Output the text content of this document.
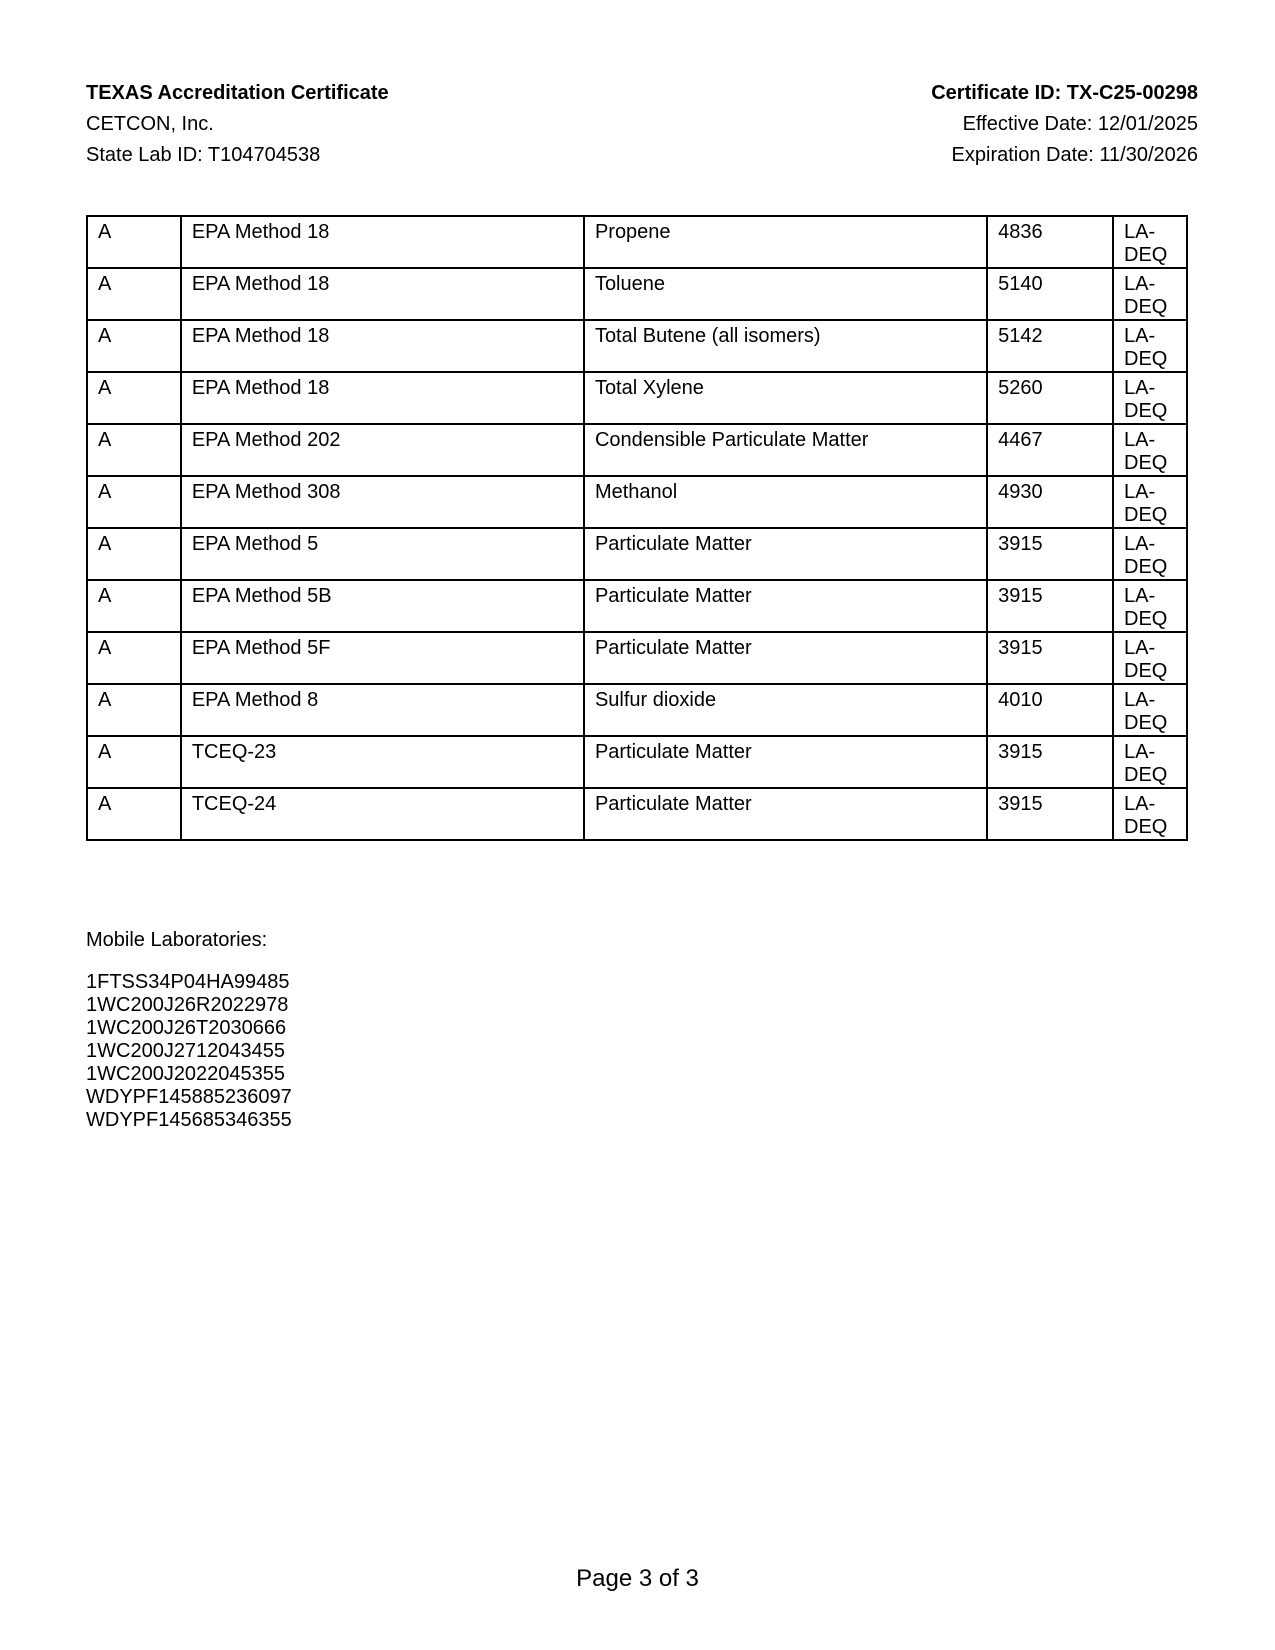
TEXAS Accreditation Certificate
CETCON, Inc.
State Lab ID: T104704538
Certificate ID: TX-C25-00298
Effective Date: 12/01/2025
Expiration Date: 11/30/2026
A	EPA Method 18	Propene	4836	LA-DEQ
A	EPA Method 18	Toluene	5140	LA-DEQ
A	EPA Method 18	Total Butene (all isomers)	5142	LA-DEQ
A	EPA Method 18	Total Xylene	5260	LA-DEQ
A	EPA Method 202	Condensible Particulate Matter	4467	LA-DEQ
A	EPA Method 308	Methanol	4930	LA-DEQ
A	EPA Method 5	Particulate Matter	3915	LA-DEQ
A	EPA Method 5B	Particulate Matter	3915	LA-DEQ
A	EPA Method 5F	Particulate Matter	3915	LA-DEQ
A	EPA Method 8	Sulfur dioxide	4010	LA-DEQ
A	TCEQ-23	Particulate Matter	3915	LA-DEQ
A	TCEQ-24	Particulate Matter	3915	LA-DEQ
Mobile Laboratories:
1FTSS34P04HA99485
1WC200J26R2022978
1WC200J26T2030666
1WC200J2712043455
1WC200J2022045355
WDYPF145885236097
WDYPF145685346355
Page 3 of 3
